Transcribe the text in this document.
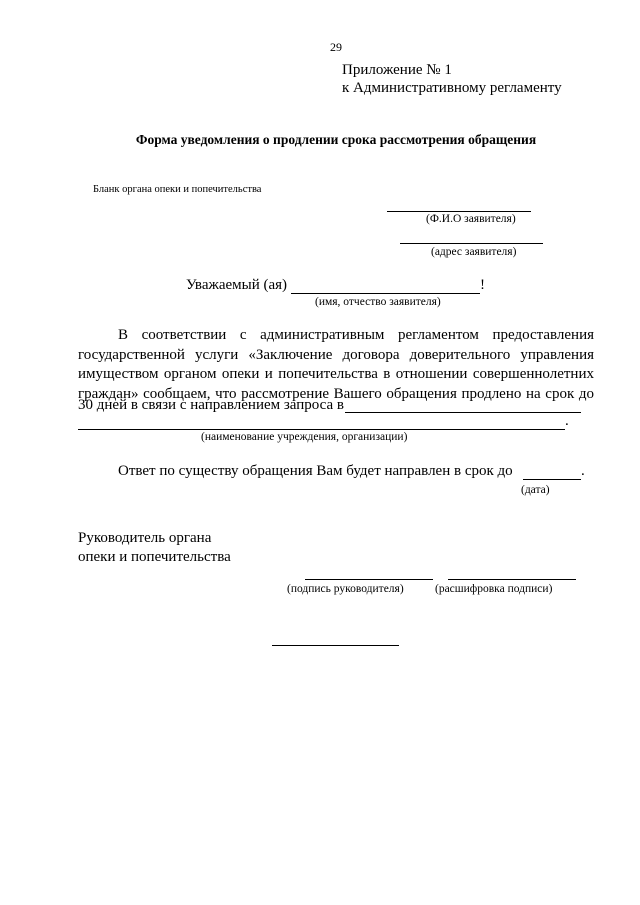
29
Приложение № 1
к Административному регламенту
Форма уведомления о продлении срока рассмотрения обращения
Бланк органа опеки и попечительства
(Ф.И.О заявителя)
(адрес заявителя)
Уважаемый (ая)	!
(имя, отчество заявителя)
В соответствии с административным регламентом предоставления
государственной услуги «Заключение договора доверительного управления
имуществом органом опеки и попечительства в отношении совершеннолетних
граждан» сообщаем, что рассмотрение Вашего обращения продлено на срок до
30 дней в связи с направлением запроса в
.
(наименование учреждения, организации)
Ответ по существу обращения Вам будет направлен в срок до	.
(дата)
Руководитель органа
опеки и попечительства
(подпись руководителя)	(расшифровка подписи)
